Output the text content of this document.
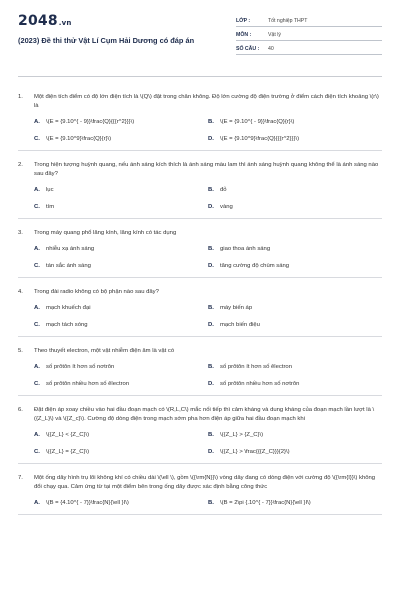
2048.vn
(2023) Đề thi thử Vật Lí Cụm Hải Dương có đáp án
LỚP :	Tốt nghiệp THPT
MÔN :	Vật lý
SỐ CÂU :	40
1.	Một điện tích điểm có độ lớn điện tích là \(Q\) đặt trong chân không. Độ lớn cường độ điện trường ở điểm cách điện tích khoảng \(r\) là
A.	\(E = {9.10^{ - 9}}\frac{Q}{{{r^2}}}\)	B.	\(E = {9.10^{ - 9}}\frac{Q}{r}\)
C.	\(E = {9.10^9}\frac{Q}{r}\)	D.	\(E = {9.10^9}\frac{Q}{{{r^2}}}\)
2.	Trong hiện tượng huỳnh quang, nếu ánh sáng kích thích là ánh sáng màu lam thì ánh sáng huỳnh quang không thể là ánh sáng nào sau đây?
A.	lục	B.	đỏ
C.	tím	D.	vàng
3.	Trong máy quang phổ lăng kính, lăng kính có tác dụng
A.	nhiễu xạ ánh sáng	B.	giao thoa ánh sáng
C.	tán sắc ánh sáng	D.	tăng cường độ chùm sáng
4.	Trong đài radio không có bộ phận nào sau đây?
A.	mạch khuếch đại	B.	máy biến áp
C.	mạch tách sóng	D.	mạch biến điệu
5.	Theo thuyết electron, một vật nhiễm điện âm là vật có
A.	số prôtôn ít hơn số nơtrôn	B.	số prôtôn ít hơn số êlectron
C.	số prôtôn nhiều hơn số êlectron	D.	số prôtôn nhiều hơn số nơtrôn
6.	Đặt điện áp xoay chiều vào hai đầu đoạn mạch có \(R,L,C\) mắc nối tiếp thì cảm kháng và dung kháng của đoạn mạch lần lượt là \({Z_L}\) và \({Z_c}\). Cường độ dòng điện trong mạch sớm pha hơn điện áp giữa hai đầu đoạn mạch khi
A.	\({Z_L} < {Z_C}\)	B.	\({Z_L} > {Z_C}\)
C.	\({Z_L} = {Z_C}\)	D.	\({Z_L} > \frac{{{Z_C}}}{2}\)
7.	Một ống dây hình trụ lõi không khí có chiều dài \(\ell \), gồm \({\rm{N}}\) vòng dây đang có dòng điện với cường độ \({\rm{I}}\) không đổi chạy qua. Cảm ứng từ tại một điểm bên trong ống dây được xác định bằng công thức
A.	\(B = {4.10^{ - 7}}\frac{N}{\ell }I\)	B.	\(B = 2\pi {.10^{ - 7}}\frac{N}{\ell }I\)
